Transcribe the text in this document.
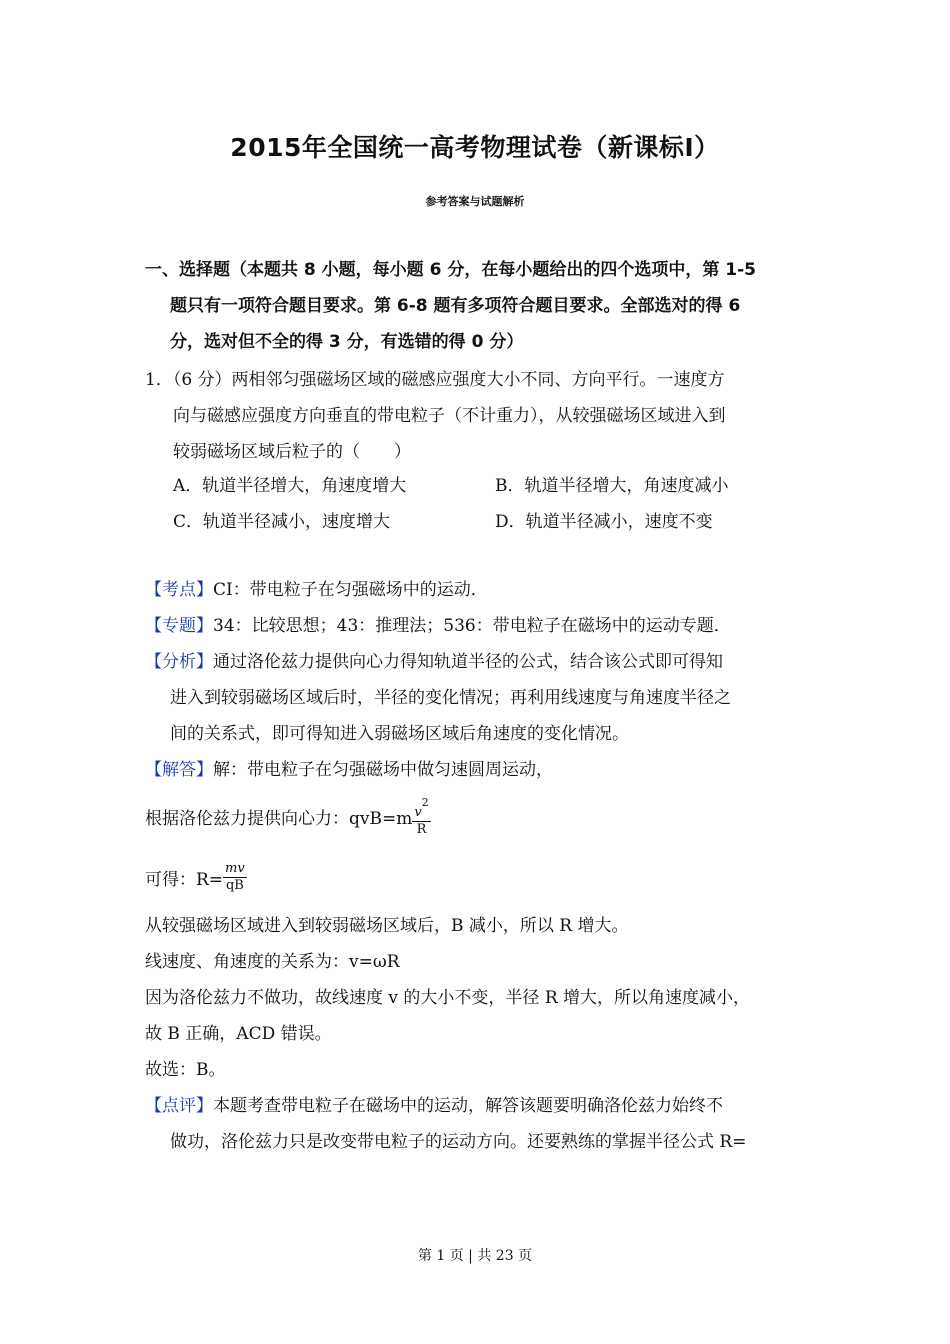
2015年全国统一高考物理试卷（新课标Ⅰ）
参考答案与试题解析
一、选择题（本题共 8 小题，每小题 6 分，在每小题给出的四个选项中，第 1-5
题只有一项符合题目要求。第 6-8 题有多项符合题目要求。全部选对的得 6
分，选对但不全的得 3 分，有选错的得 0 分）
1．（6 分）两相邻匀强磁场区域的磁感应强度大小不同、方向平行。一速度方
向与磁感应强度方向垂直的带电粒子（不计重力），从较强磁场区域进入到
较弱磁场区域后粒子的（　　）
A．轨道半径增大，角速度增大	B．轨道半径增大，角速度减小
C．轨道半径减小，速度增大	D．轨道半径减小，速度不变
【考点】CI：带电粒子在匀强磁场中的运动．
【专题】34：比较思想；43：推理法；536：带电粒子在磁场中的运动专题．
【分析】通过洛伦兹力提供向心力得知轨道半径的公式，结合该公式即可得知
进入到较弱磁场区域后时，半径的变化情况；再利用线速度与角速度半径之
间的关系式，即可得知进入弱磁场区域后角速度的变化情况。
【解答】解：带电粒子在匀强磁场中做匀速圆周运动，
根据洛伦兹力提供向心力：$qvB=m \frac{v^2}{R}$
可得：$R= \frac{mv}{qB}$
从较强磁场区域进入到较弱磁场区域后，B 减小，所以 R 增大。
线速度、角速度的关系为：v=ωR
因为洛伦兹力不做功，故线速度 v 的大小不变，半径 R 增大，所以角速度减小，
故 B 正确，ACD 错误。
故选：B。
【点评】本题考查带电粒子在磁场中的运动，解答该题要明确洛伦兹力始终不
做功，洛伦兹力只是改变带电粒子的运动方向。还要熟练的掌握半径公式 R=
第 1 页 | 共 23 页
